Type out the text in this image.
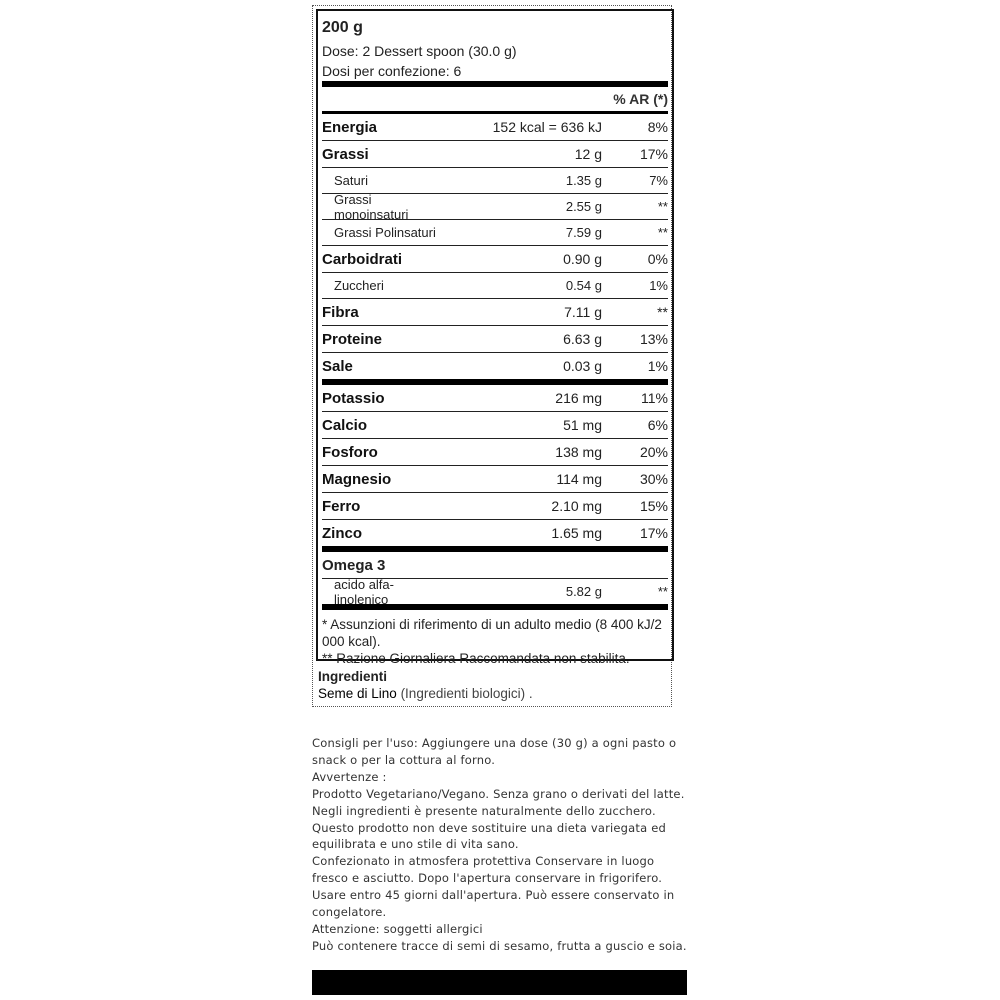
200 g
Dose: 2 Dessert spoon (30.0 g)
Dosi per confezione: 6
% AR (*)
Energia	152 kcal = 636 kJ	8%
Grassi	12 g	17%
Saturi	1.35 g	7%
Grassi monoinsaturi	2.55 g	**
Grassi Polinsaturi	7.59 g	**
Carboidrati	0.90 g	0%
Zuccheri	0.54 g	1%
Fibra	7.11 g	**
Proteine	6.63 g	13%
Sale	0.03 g	1%
Potassio	216 mg	11%
Calcio	51 mg	6%
Fosforo	138 mg	20%
Magnesio	114 mg	30%
Ferro	2.10 mg	15%
Zinco	1.65 mg	17%
Omega 3
acido alfa-linolenico	5.82 g	**
* Assunzioni di riferimento di un adulto medio (8 400 kJ/2 000 kcal).
** Razione Giornaliera Raccomandata non stabilita.
Ingredienti
Seme di Lino (Ingredienti biologici) .
Consigli per l'uso: Aggiungere una dose (30 g) a ogni pasto o snack o per la cottura al forno.
Avvertenze :
Prodotto Vegetariano/Vegano. Senza grano o derivati del latte. Negli ingredienti è presente naturalmente dello zucchero. Questo prodotto non deve sostituire una dieta variegata ed equilibrata e uno stile di vita sano.
Confezionato in atmosfera protettiva Conservare in luogo fresco e asciutto. Dopo l'apertura conservare in frigorifero. Usare entro 45 giorni dall'apertura. Può essere conservato in congelatore.
Attenzione: soggetti allergici
Può contenere tracce di semi di sesamo, frutta a guscio e soia.
